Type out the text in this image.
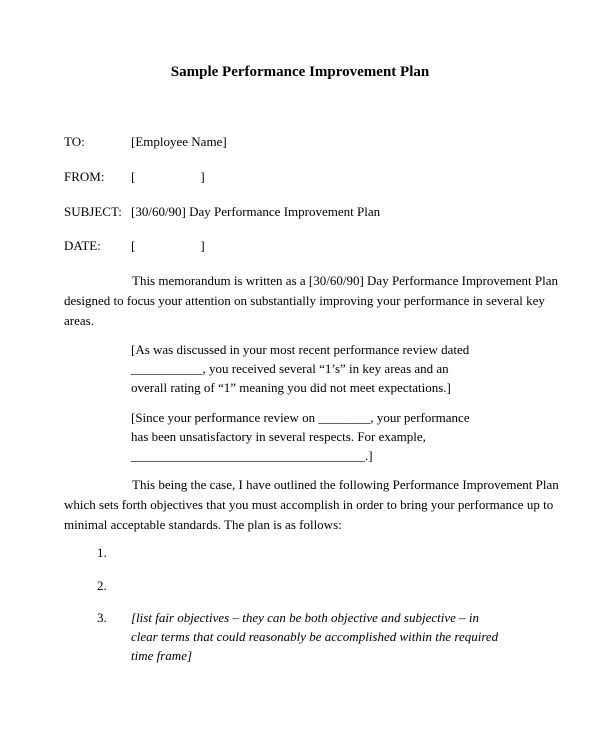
Sample Performance Improvement Plan
TO:	[Employee Name]
FROM: [                    ]
SUBJECT: [30/60/90] Day Performance Improvement Plan
DATE: [                    ]
This memorandum is written as a [30/60/90] Day Performance Improvement Plan
designed to focus your attention on substantially improving your performance in several key
areas.
[As was discussed in your most recent performance review dated
___________, you received several “1’s” in key areas and an
overall rating of “1” meaning you did not meet expectations.]
[Since your performance review on ________, your performance
has been unsatisfactory in several respects. For example,
____________________________________.]
This being the case, I have outlined the following Performance Improvement Plan
which sets forth objectives that you must accomplish in order to bring your performance up to
minimal acceptable standards. The plan is as follows:
1.
2.
3. [list fair objectives – they can be both objective and subjective – in
clear terms that could reasonably be accomplished within the required
time frame]
